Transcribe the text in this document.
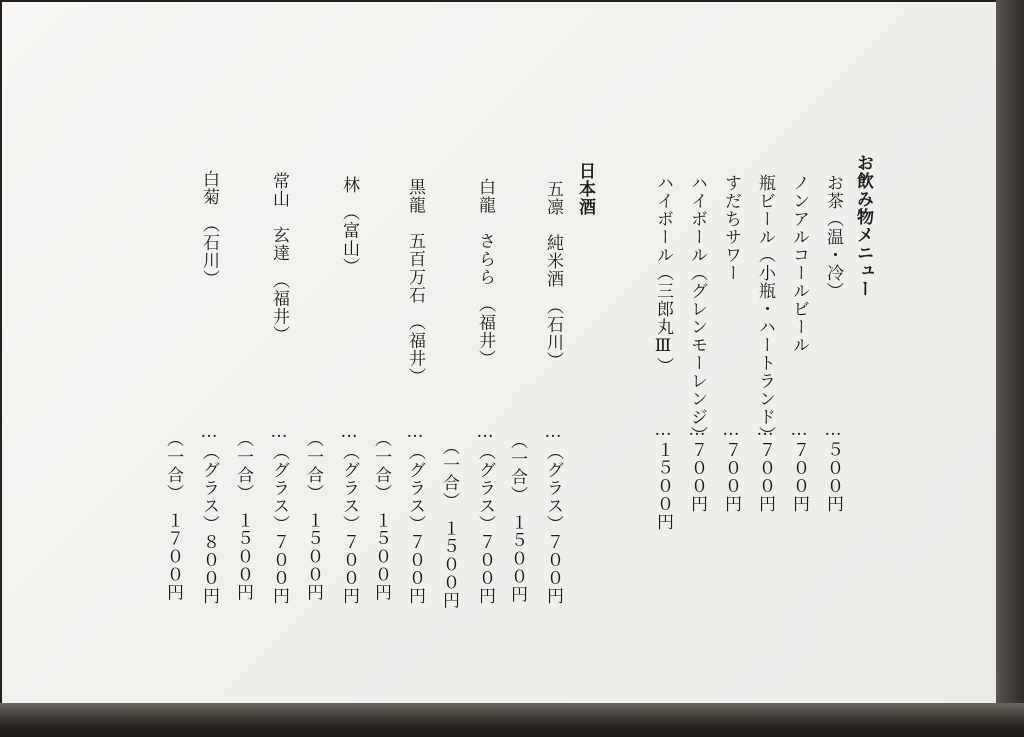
お飲み物メニュー
お茶（温・冷）
…５００円
ノンアルコールビール
…７００円
瓶ビール（小瓶・ハートランド）
…７００円
すだちサワー
…７００円
ハイボール（グレンモーレンジ）
…７００円
ハイボール（三郎丸Ⅲ）
…１５００円
日本酒
五凛　純米酒　（石川）
…（グラス）７００円
（一合）　１５００円
白龍　さらら　（福井）
…（グラス）７００円
（一合）　１５００円
黒龍　五百万石　（福井）
…（グラス）７００円
（一合）　１５００円
林　（富山）
…（グラス）７００円
（一合）　１５００円
常山　玄達　（福井）
…（グラス）７００円
（一合）　１５００円
白菊　（石川）
…（グラス）８００円
（一合）　１７００円
